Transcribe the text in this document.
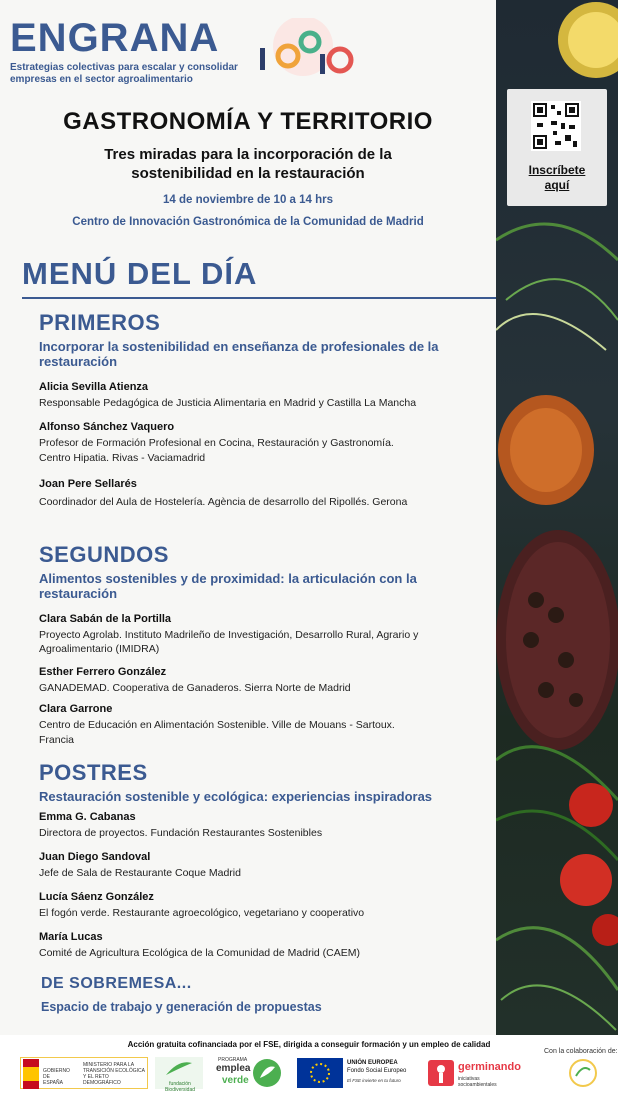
ENGRANA
Estrategias colectivas para escalar y consolidar empresas en el sector agroalimentario
Inscríbete
aquí
GASTRONOMÍA Y TERRITORIO
Tres miradas para la incorporación de la sostenibilidad en la restauración
14 de noviembre de 10 a 14 hrs
Centro de Innovación Gastronómica de la Comunidad de Madrid
MENÚ DEL DÍA
PRIMEROS
Incorporar la sostenibilidad en enseñanza de profesionales de la restauración
Alicia Sevilla Atienza
Responsable Pedagógica de Justicia Alimentaria en Madrid y Castilla La Mancha
Alfonso Sánchez Vaquero
Profesor de Formación Profesional en Cocina, Restauración y Gastronomía. Centro Hipatia. Rivas - Vaciamadrid
Joan Pere Sellarés
Coordinador del Aula de Hostelería. Agència de desarrollo del Ripollés. Gerona
SEGUNDOS
Alimentos sostenibles y de proximidad: la articulación con la restauración
Clara Sabán de la Portilla
Proyecto Agrolab. Instituto Madrileño de Investigación, Desarrollo Rural, Agrario y Agroalimentario (IMIDRA)
Esther Ferrero González
GANADEMAD. Cooperativa de Ganaderos. Sierra Norte de Madrid
Clara Garrone
Centro de Educación en Alimentación Sostenible. Ville de Mouans - Sartoux. Francia
POSTRES
Restauración sostenible y ecológica: experiencias inspiradoras
Emma G. Cabanas
Directora de proyectos. Fundación Restaurantes Sostenibles
Juan Diego Sandoval
Jefe de Sala de Restaurante Coque Madrid
Lucía Sáenz González
El fogón verde. Restaurante agroecológico, vegetariano y cooperativo
María Lucas
Comité de Agricultura Ecológica de la Comunidad de Madrid (CAEM)
DE SOBREMESA...
Espacio de trabajo y generación de propuestas
Acción gratuita cofinanciada por el FSE, dirigida a conseguir formación y un empleo de calidad
Con la colaboración de:
GOBIERNO DE ESPAÑA
MINISTERIO PARA LA TRANSICIÓN ECOLÓGICA Y EL RETO DEMOGRÁFICO	fundación Biodiversidad
PROGRAMA
emplea
verde
UNIÓN EUROPEA
Fondo Social Europeo
El FSE invierte en tu futuro
germinando
iniciativas socioambientales
